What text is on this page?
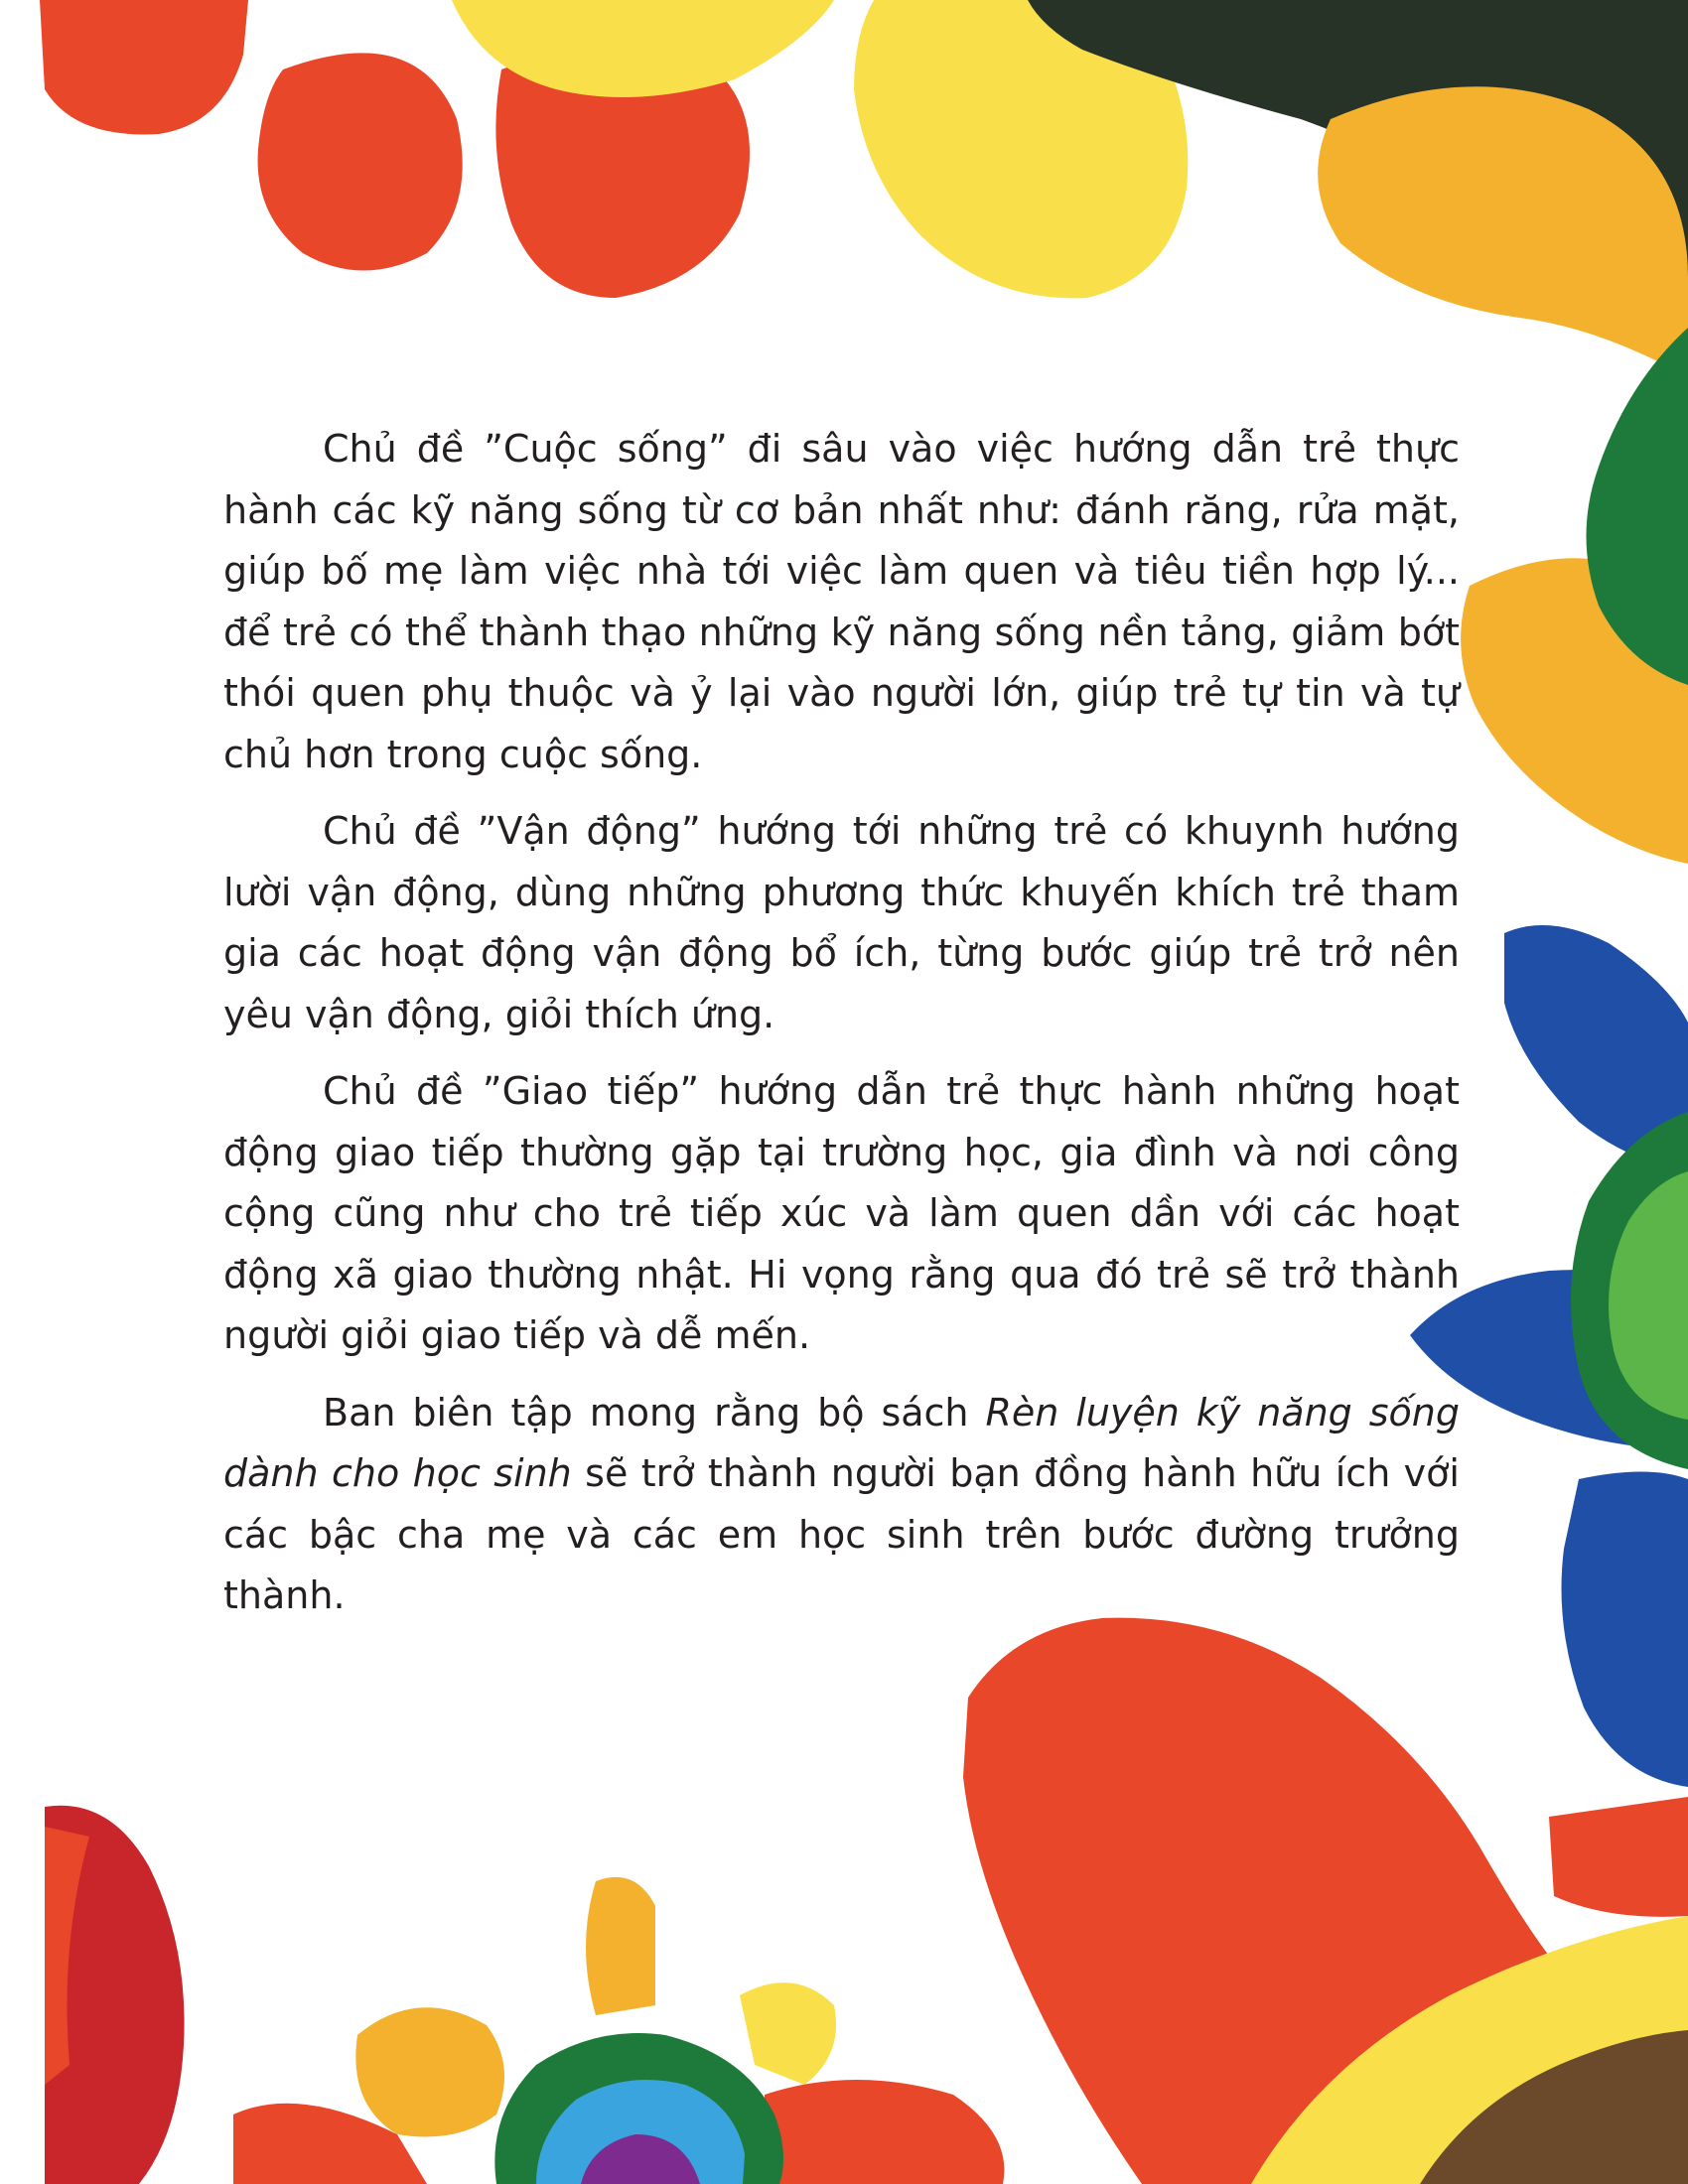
Chủ đề ”Cuộc sống” đi sâu vào việc hướng dẫn trẻ thực hành các kỹ năng sống từ cơ bản nhất như: đánh răng, rửa mặt, giúp bố mẹ làm việc nhà tới việc làm quen và tiêu tiền hợp lý... để trẻ có thể thành thạo những kỹ năng sống nền tảng, giảm bớt thói quen phụ thuộc và ỷ lại vào người lớn, giúp trẻ tự tin và tự chủ hơn trong cuộc sống.

Chủ đề ”Vận động” hướng tới những trẻ có khuynh hướng lười vận động, dùng những phương thức khuyến khích trẻ tham gia các hoạt động vận động bổ ích, từng bước giúp trẻ trở nên yêu vận động, giỏi thích ứng.

Chủ đề ”Giao tiếp” hướng dẫn trẻ thực hành những hoạt động giao tiếp thường gặp tại trường học, gia đình và nơi công cộng cũng như cho trẻ tiếp xúc và làm quen dần với các hoạt động xã giao thường nhật. Hi vọng rằng qua đó trẻ sẽ trở thành người giỏi giao tiếp và dễ mến.

Ban biên tập mong rằng bộ sách Rèn luyện kỹ năng sống dành cho học sinh sẽ trở thành người bạn đồng hành hữu ích với các bậc cha mẹ và các em học sinh trên bước đường trưởng thành.
